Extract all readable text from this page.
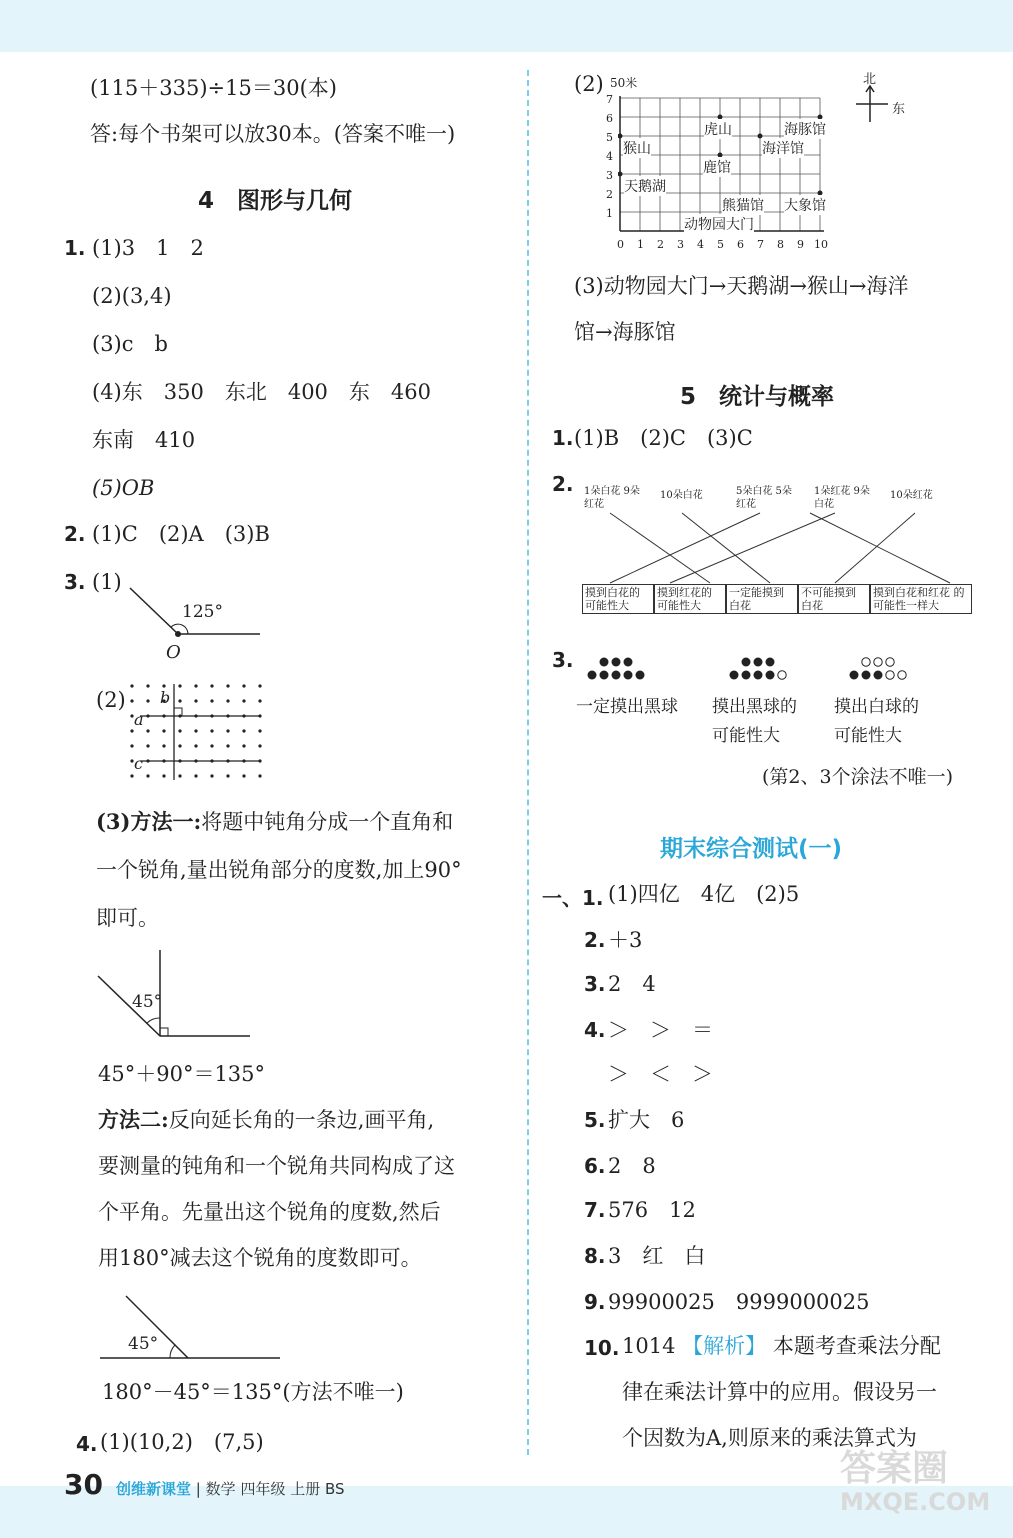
(115＋335)÷15＝30(本)
答:每个书架可以放30本。(答案不唯一)
4　图形与几何
1. (1)3　1　2
(2)(3,4)
(3)c　b
(4)东　350　东北　400　东　460
东南　410
(5)OB
2. (1)C　(2)A　(3)B
3. (1)
125°
O
(2) b
a
c
(3)方法一:将题中钝角分成一个直角和
一个锐角,量出锐角部分的度数,加上90°
即可。
45°
45°＋90°＝135°
方法二:反向延长角的一条边,画平角,
要测量的钝角和一个锐角共同构成了这
个平角。先量出这个锐角的度数,然后
用180°减去这个锐角的度数即可。
45°
180°－45°＝135°(方法不唯一)
4. (1)(10,2)　(7,5)
(2) 50米
7
6
5
4
3
2
1
0 1 2 3 4 5 6 7 8 9 10
虎山	海豚馆
猴山	海洋馆
鹿馆
天鹅湖
熊猫馆 大象馆
动物园大门
北
东
(3)动物园大门→天鹅湖→猴山→海洋
馆→海豚馆
5　统计与概率
1. (1)B　(2)C　(3)C
2. 1朵白花 9朵红花
10朵白花	5朵白花 5朵红花
1朵红花 9朵白花
10朵红花
摸到白花的 可能性大
摸到红花的 可能性大
一定能摸到 白花
不可能摸到 白花
摸到白花和红花 的可能性一样大
3.
一定摸出黑球 摸出黑球的 可能性大
摸出白球的 可能性大
(第2、3个涂法不唯一)
期末综合测试(一)
一、1. (1)四亿　4亿　(2)5
2. ＋3
3. 2　4
4. ＞　＞　＝
＞　＜　＞
5. 扩大　6
6. 2　8
7. 576　12
8. 3　红　白
9. 99900025　9999000025
10. 1014 【解析】 本题考查乘法分配
律在乘法计算中的应用。假设另一
个因数为A,则原来的乘法算式为
30 创维新课堂 | 数学 四年级 上册 BS	答案圈
MXQE.COM
